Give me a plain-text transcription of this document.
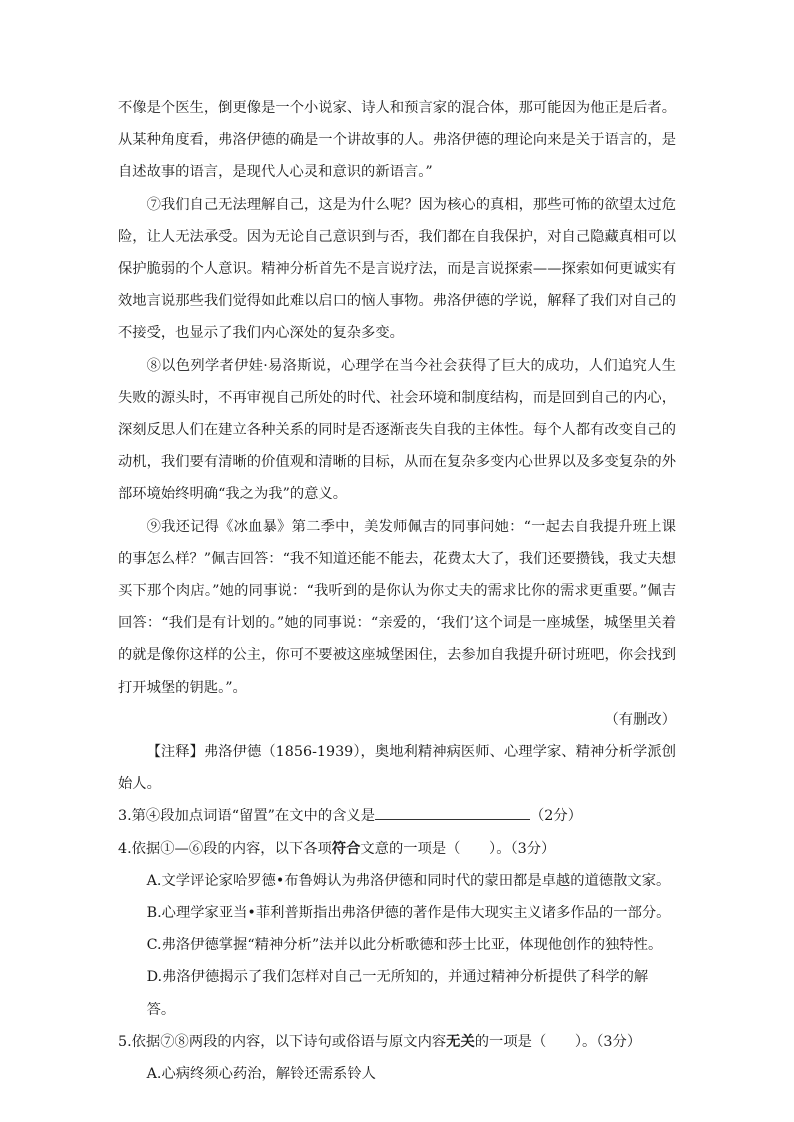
不像是个医生，倒更像是一个小说家、诗人和预言家的混合体，那可能因为他正是后者。从某种角度看，弗洛伊德的确是一个讲故事的人。弗洛伊德的理论向来是关于语言的，是自述故事的语言，是现代人心灵和意识的新语言。”

⑦我们自己无法理解自己，这是为什么呢？因为核心的真相，那些可怖的欲望太过危险，让人无法承受。因为无论自己意识到与否，我们都在自我保护，对自己隐藏真相可以保护脆弱的个人意识。精神分析首先不是言说疗法，而是言说探索——探索如何更诚实有效地言说那些我们觉得如此难以启口的恼人事物。弗洛伊德的学说，解释了我们对自己的不接受，也显示了我们内心深处的复杂多变。

⑧以色列学者伊娃·易洛斯说，心理学在当今社会获得了巨大的成功，人们追究人生失败的源头时，不再审视自己所处的时代、社会环境和制度结构，而是回到自己的内心，深刻反思人们在建立各种关系的同时是否逐渐丧失自我的主体性。每个人都有改变自己的动机，我们要有清晰的价值观和清晰的目标，从而在复杂多变内心世界以及多变复杂的外部环境始终明确“我之为我”的意义。

⑨我还记得《冰血暴》第二季中，美发师佩吉的同事问她：“一起去自我提升班上课的事怎么样？”佩吉回答：“我不知道还能不能去，花费太大了，我们还要攒钱，我丈夫想买下那个肉店。”她的同事说：“我听到的是你认为你丈夫的需求比你的需求更重要。”佩吉回答：“我们是有计划的。”她的同事说：“亲爱的，‘我们’这个词是一座城堡，城堡里关着的就是像你这样的公主，你可不要被这座城堡困住，去参加自我提升研讨班吧，你会找到打开城堡的钥匙。”。

（有删改）

【注释】弗洛伊德（1856-1939），奥地利精神病医师、心理学家、精神分析学派创始人。

3.第④段加点词语“留置”在文中的含义是	（2分）

4.依据①—⑥段的内容，以下各项符合文意的一项是（　　）。（3分）

A.文学评论家哈罗德•布鲁姆认为弗洛伊德和同时代的蒙田都是卓越的道德散文家。

B.心理学家亚当•菲利普斯指出弗洛伊德的著作是伟大现实主义诸多作品的一部分。

C.弗洛伊德掌握“精神分析”法并以此分析歌德和莎士比亚，体现他创作的独特性。

D.弗洛伊德揭示了我们怎样对自己一无所知的，并通过精神分析提供了科学的解答。

5.依据⑦⑧两段的内容，以下诗句或俗语与原文内容无关的一项是（　　）。（3分）

A.心病终须心药治，解铃还需系铃人
